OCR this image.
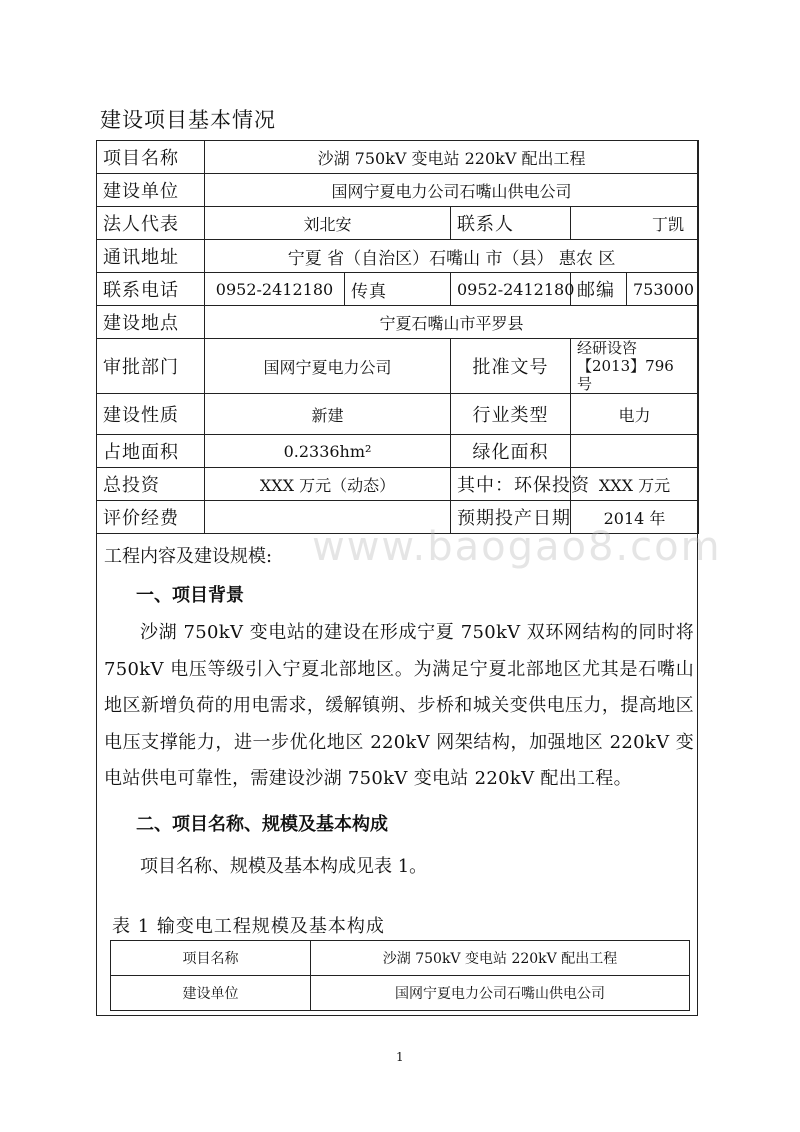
建设项目基本情况
项目名称	沙湖 750kV 变电站 220kV 配出工程				
建设单位	国网宁夏电力公司石嘴山供电公司				
法人代表	刘北安		联系人	丁凯	
通讯地址	宁夏 省（自治区）石嘴山 市（县） 惠农 区				
联系电话	0952-2412180	传真	0952-2412180	邮编	753000
建设地点	宁夏石嘴山市平罗县				
审批部门	国网宁夏电力公司		批准文号	经研设咨【2013】796 号	
建设性质	新建		行业类型	电力	
占地面积	0.2336hm²		绿化面积		
总投资	XXX 万元（动态）		其中：环保投资	XXX 万元	
评价经费			预期投产日期	2014 年	
www.baogao8.com
工程内容及建设规模:
一、项目背景
沙湖 750kV 变电站的建设在形成宁夏 750kV 双环网结构的同时将 750kV 电压等级引入宁夏北部地区。为满足宁夏北部地区尤其是石嘴山地区新增负荷的用电需求，缓解镇朔、步桥和城关变供电压力，提高地区电压支撑能力，进一步优化地区 220kV 网架结构，加强地区 220kV 变电站供电可靠性，需建设沙湖 750kV 变电站 220kV 配出工程。
二、项目名称、规模及基本构成
项目名称、规模及基本构成见表 1。
表 1 输变电工程规模及基本构成
项目名称	沙湖 750kV 变电站 220kV 配出工程
建设单位	国网宁夏电力公司石嘴山供电公司
1
